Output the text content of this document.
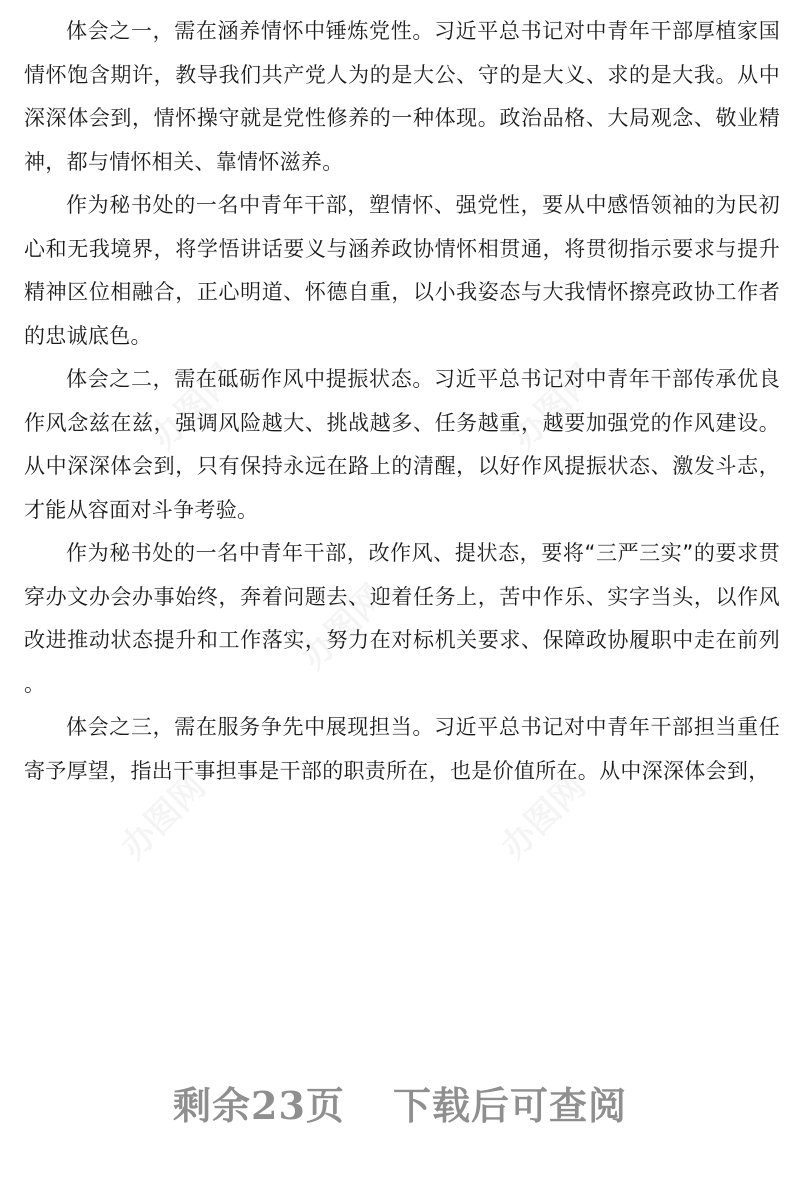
体会之一，需在涵养情怀中锤炼党性。习近平总书记对中青年干部厚植家国情怀饱含期许，教导我们共产党人为的是大公、守的是大义、求的是大我。从中深深体会到，情怀操守就是党性修养的一种体现。政治品格、大局观念、敬业精神，都与情怀相关、靠情怀滋养。

作为秘书处的一名中青年干部，塑情怀、强党性，要从中感悟领袖的为民初心和无我境界，将学悟讲话要义与涵养政协情怀相贯通，将贯彻指示要求与提升精神区位相融合，正心明道、怀德自重，以小我姿态与大我情怀擦亮政协工作者的忠诚底色。

体会之二，需在砥砺作风中提振状态。习近平总书记对中青年干部传承优良作风念兹在兹，强调风险越大、挑战越多、任务越重，越要加强党的作风建设。从中深深体会到，只有保持永远在路上的清醒，以好作风提振状态、激发斗志，才能从容面对斗争考验。

作为秘书处的一名中青年干部，改作风、提状态，要将“三严三实”的要求贯穿办文办会办事始终，奔着问题去、迎着任务上，苦中作乐、实字当头，以作风改进推动状态提升和工作落实，努力在对标机关要求、保障政协履职中走在前列。

体会之三，需在服务争先中展现担当。习近平总书记对中青年干部担当重任寄予厚望，指出干事担事是干部的职责所在，也是价值所在。从中深深体会到，

剩余23页 下载后可查阅
